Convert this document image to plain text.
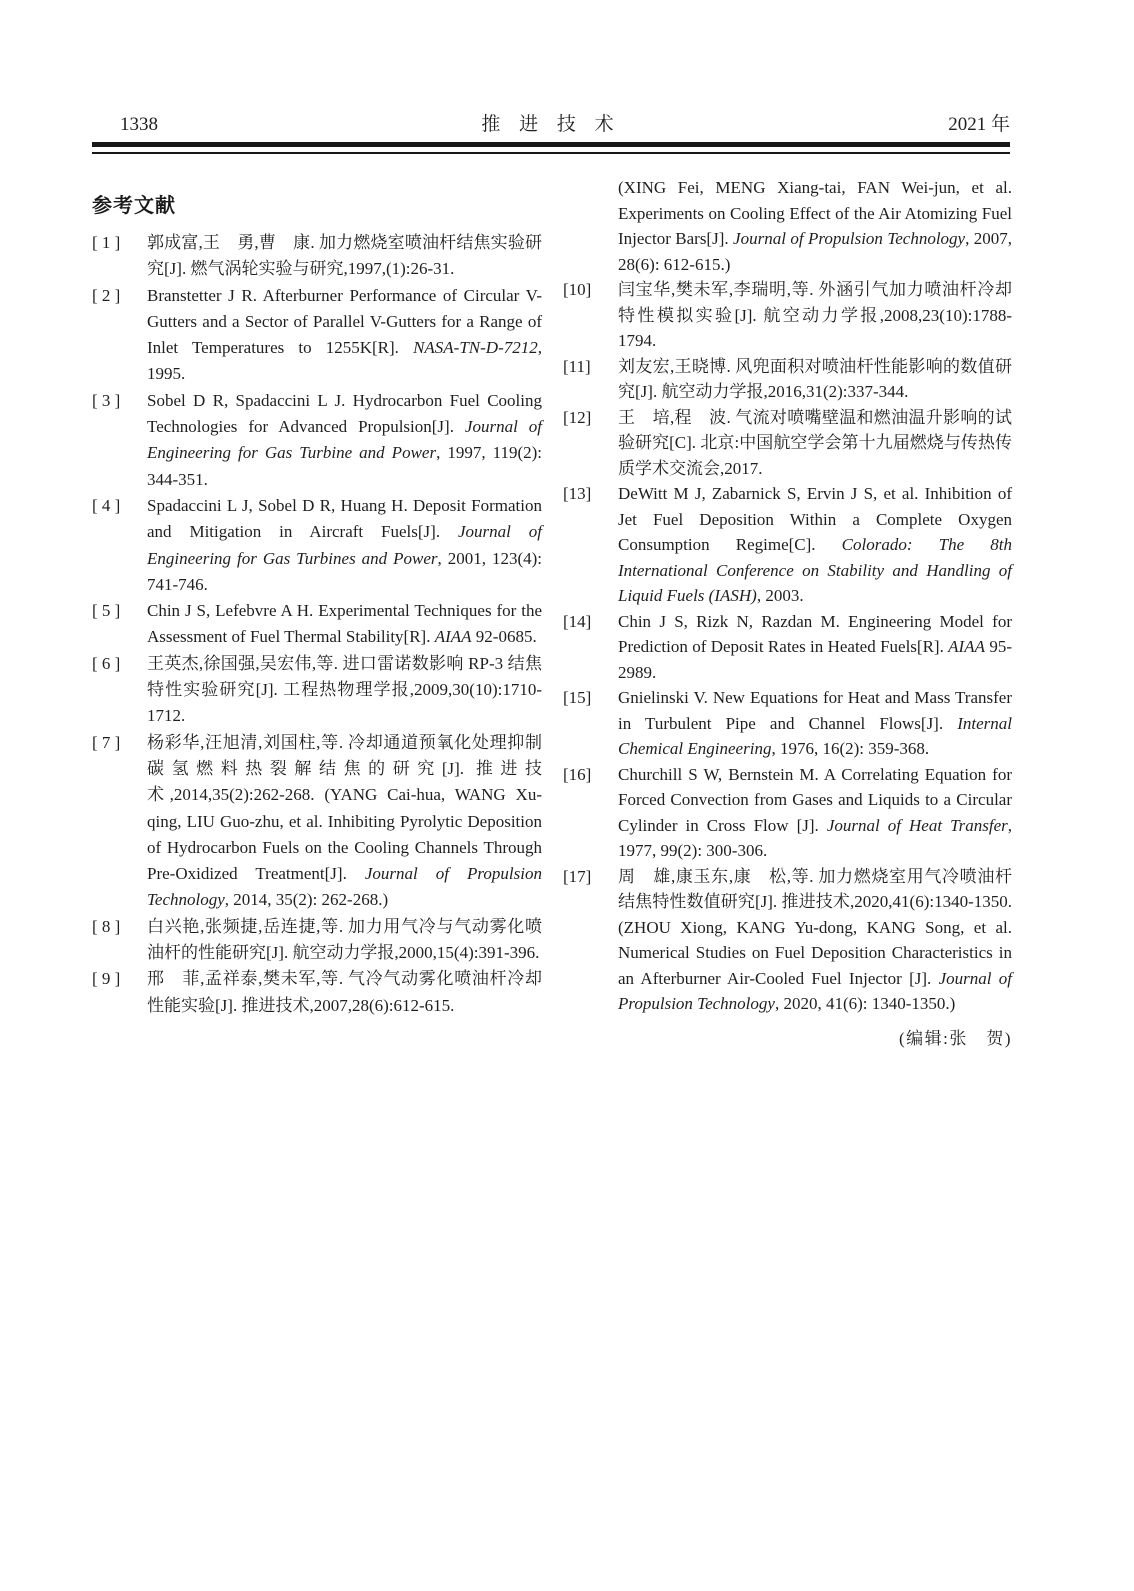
1338	推 进 技 术	2021 年
参考文献
[ 1 ] 郭成富,王　勇,曹　康. 加力燃烧室喷油杆结焦实验研究[J]. 燃气涡轮实验与研究,1997,(1):26-31.
[ 2 ] Branstetter J R. Afterburner Performance of Circular V-Gutters and a Sector of Parallel V-Gutters for a Range of Inlet Temperatures to 1255K[R]. NASA-TN-D-7212, 1995.
[ 3 ] Sobel D R, Spadaccini L J. Hydrocarbon Fuel Cooling Technologies for Advanced Propulsion[J]. Journal of Engineering for Gas Turbine and Power, 1997, 119(2): 344-351.
[ 4 ] Spadaccini L J, Sobel D R, Huang H. Deposit Formation and Mitigation in Aircraft Fuels[J]. Journal of Engineering for Gas Turbines and Power, 2001, 123(4): 741-746.
[ 5 ] Chin J S, Lefebvre A H. Experimental Techniques for the Assessment of Fuel Thermal Stability[R]. AIAA 92-0685.
[ 6 ] 王英杰,徐国强,吴宏伟,等. 进口雷诺数影响 RP-3 结焦特性实验研究[J]. 工程热物理学报,2009,30(10):1710-1712.
[ 7 ] 杨彩华,汪旭清,刘国柱,等. 冷却通道预氧化处理抑制碳氢燃料热裂解结焦的研究[J]. 推进技术,2014,35(2):262-268. (YANG Cai-hua, WANG Xu-qing, LIU Guo-zhu, et al. Inhibiting Pyrolytic Deposition of Hydrocarbon Fuels on the Cooling Channels Through Pre-Oxidized Treatment[J]. Journal of Propulsion Technology, 2014, 35(2): 262-268.)
[ 8 ] 白兴艳,张频捷,岳连捷,等. 加力用气冷与气动雾化喷油杆的性能研究[J]. 航空动力学报,2000,15(4):391-396.
[ 9 ] 邢　菲,孟祥泰,樊未军,等. 气冷气动雾化喷油杆冷却性能实验[J]. 推进技术,2007,28(6):612-615.
(XING Fei, MENG Xiang-tai, FAN Wei-jun, et al. Experiments on Cooling Effect of the Air Atomizing Fuel Injector Bars[J]. Journal of Propulsion Technology, 2007, 28(6): 612-615.)
[10] 闫宝华,樊未军,李瑞明,等. 外涵引气加力喷油杆冷却特性模拟实验[J]. 航空动力学报,2008,23(10):1788-1794.
[11] 刘友宏,王晓博. 风兜面积对喷油杆性能影响的数值研究[J]. 航空动力学报,2016,31(2):337-344.
[12] 王　培,程　波. 气流对喷嘴壁温和燃油温升影响的试验研究[C]. 北京:中国航空学会第十九届燃烧与传热传质学术交流会,2017.
[13] DeWitt M J, Zabarnick S, Ervin J S, et al. Inhibition of Jet Fuel Deposition Within a Complete Oxygen Consumption Regime[C]. Colorado: The 8th International Conference on Stability and Handling of Liquid Fuels (IASH), 2003.
[14] Chin J S, Rizk N, Razdan M. Engineering Model for Prediction of Deposit Rates in Heated Fuels[R]. AIAA 95-2989.
[15] Gnielinski V. New Equations for Heat and Mass Transfer in Turbulent Pipe and Channel Flows[J]. Internal Chemical Engineering, 1976, 16(2): 359-368.
[16] Churchill S W, Bernstein M. A Correlating Equation for Forced Convection from Gases and Liquids to a Circular Cylinder in Cross Flow [J]. Journal of Heat Transfer, 1977, 99(2): 300-306.
[17] 周　雄,康玉东,康　松,等. 加力燃烧室用气冷喷油杆结焦特性数值研究[J]. 推进技术,2020,41(6):1340-1350. (ZHOU Xiong, KANG Yu-dong, KANG Song, et al. Numerical Studies on Fuel Deposition Characteristics in an Afterburner Air-Cooled Fuel Injector [J]. Journal of Propulsion Technology, 2020, 41(6): 1340-1350.)
(编辑:张　贺)
